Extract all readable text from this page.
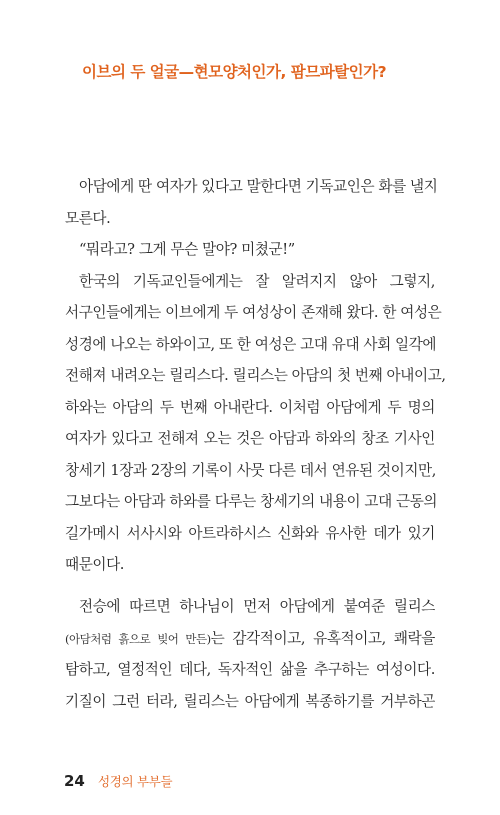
이브의 두 얼굴—현모양처인가, 팜므파탈인가?
아담에게 딴 여자가 있다고 말한다면 기독교인은 화를 낼지
모른다.
“뭐라고? 그게 무슨 말야? 미쳤군!”
한국의 기독교인들에게는 잘 알려지지 않아 그렇지,
서구인들에게는 이브에게 두 여성상이 존재해 왔다. 한 여성은
성경에 나오는 하와이고, 또 한 여성은 고대 유대 사회 일각에
전해져 내려오는 릴리스다. 릴리스는 아담의 첫 번째 아내이고,
하와는 아담의 두 번째 아내란다. 이처럼 아담에게 두 명의
여자가 있다고 전해져 오는 것은 아담과 하와의 창조 기사인
창세기 1장과 2장의 기록이 사뭇 다른 데서 연유된 것이지만,
그보다는 아담과 하와를 다루는 창세기의 내용이 고대 근동의
길가메시 서사시와 아트라하시스 신화와 유사한 데가 있기
때문이다.
전승에 따르면 하나님이 먼저 아담에게 붙여준 릴리스
(아담처럼 흙으로 빚어 만든)는 감각적이고, 유혹적이고, 쾌락을
탐하고, 열정적인 데다, 독자적인 삶을 추구하는 여성이다.
기질이 그런 터라, 릴리스는 아담에게 복종하기를 거부하곤
24 성경의 부부들
